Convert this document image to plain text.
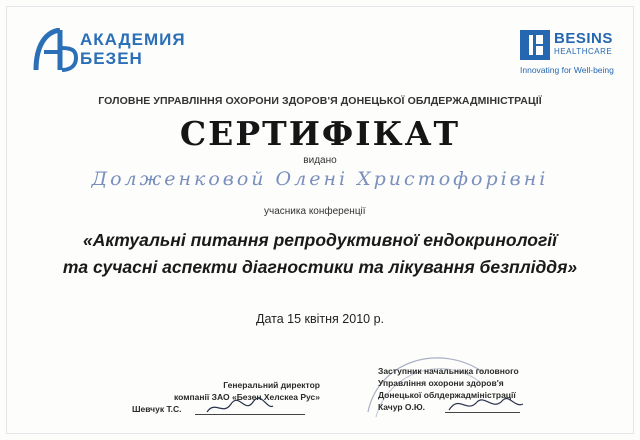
АКАДЕМИЯ
БЕЗЕН
BESINS
HEALTHCARE
Innovating for Well-being
ГОЛОВНЕ УПРАВЛІННЯ ОХОРОНИ ЗДОРОВ'Я ДОНЕЦЬКОЇ ОБЛДЕРЖАДМІНІСТРАЦІЇ
СЕРТИФІКАТ
видано
Долженковой Олені Христофорівні
учасника конференції
«Актуальні питання репродуктивної ендокринології
та сучасні аспекти діагностики та лікування безпліддя»
Дата 15 квітня 2010 р.
Генеральний директор
компанії ЗАО «Безен Хелскеа Рус»
Шевчук Т.С.
Заступник начальника головного
Управління охорони здоров'я
Донецької облдержадміністрації
Качур О.Ю.
